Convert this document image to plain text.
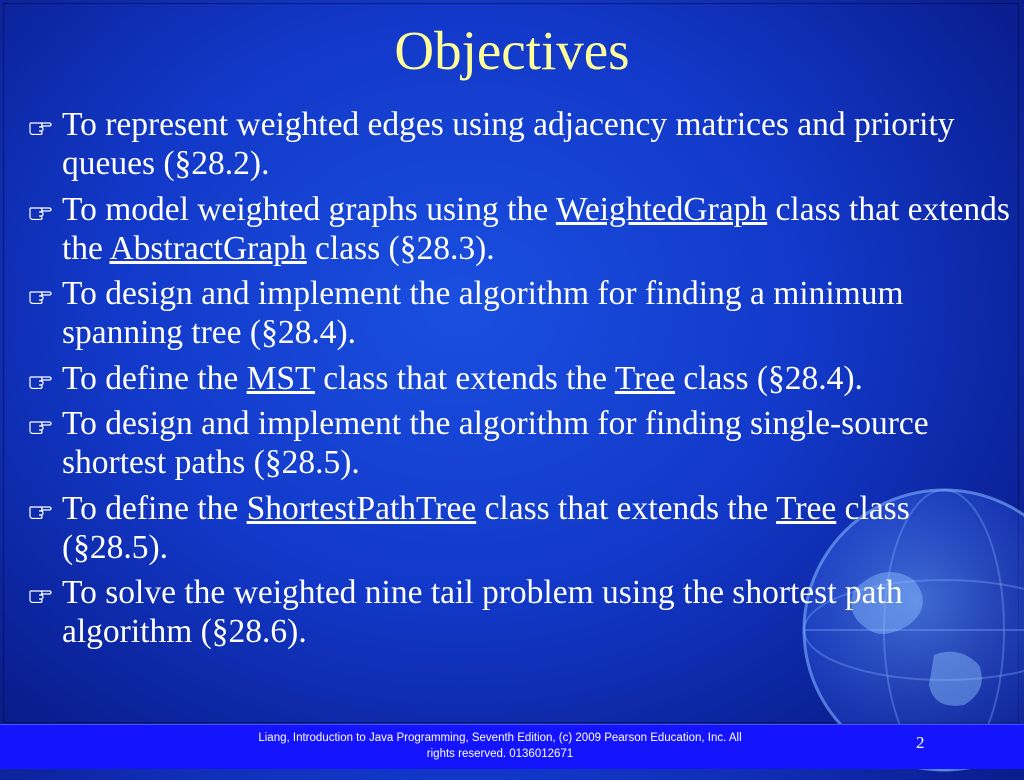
Objectives
To represent weighted edges using adjacency matrices and priority queues (§28.2).
To model weighted graphs using the WeightedGraph class that extends the AbstractGraph class (§28.3).
To design and implement the algorithm for finding a minimum spanning tree (§28.4).
To define the MST class that extends the Tree class (§28.4).
To design and implement the algorithm for finding single-source shortest paths (§28.5).
To define the ShortestPathTree class that extends the Tree class (§28.5).
To solve the weighted nine tail problem using the shortest path algorithm (§28.6).
Liang, Introduction to Java Programming, Seventh Edition, (c) 2009 Pearson Education, Inc. All
rights reserved. 0136012671
2
